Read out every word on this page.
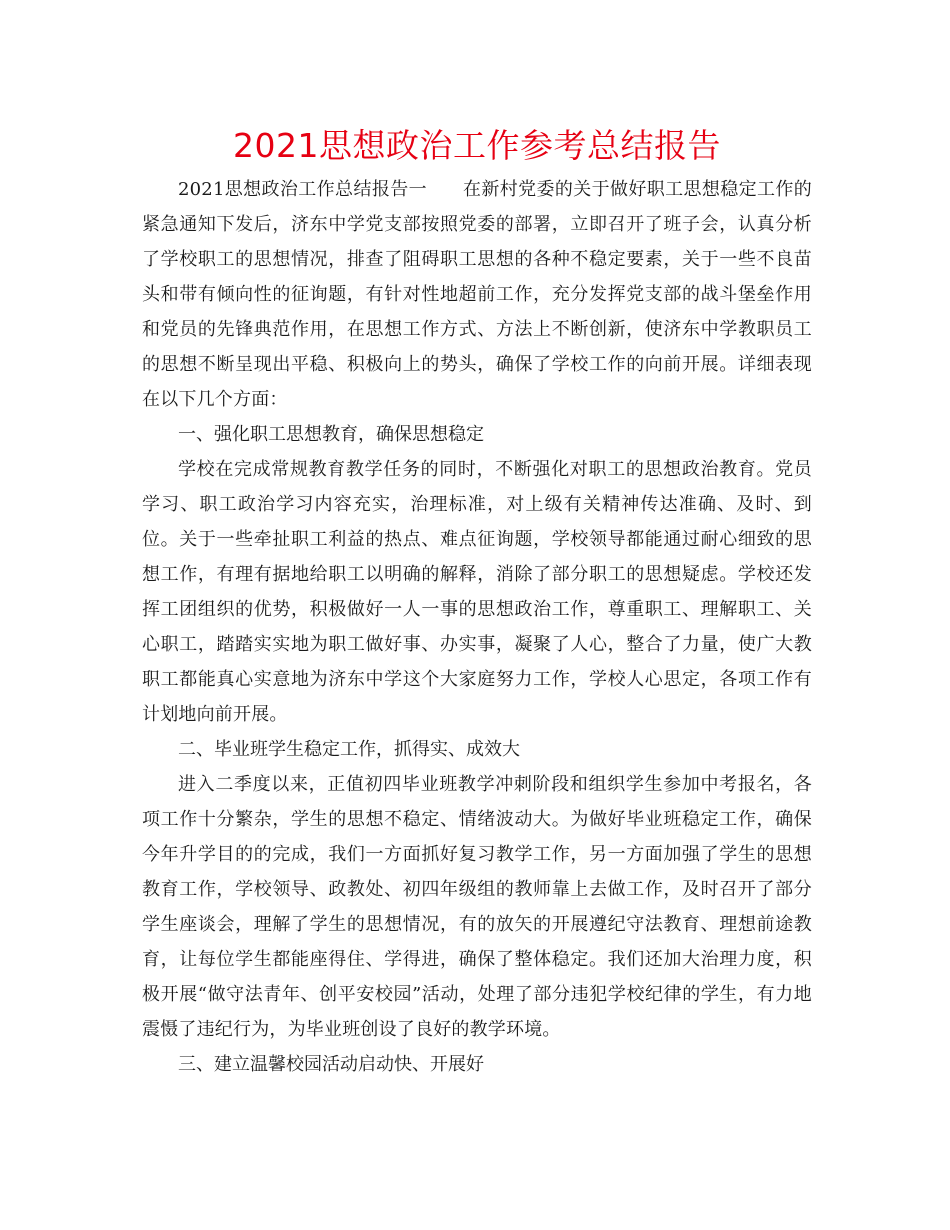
2021思想政治工作参考总结报告

2021思想政治工作总结报告一 在新村党委的关于做好职工思想稳定工作的紧急通知下发后，济东中学党支部按照党委的部署，立即召开了班子会，认真分析了学校职工的思想情况，排查了阻碍职工思想的各种不稳定要素，关于一些不良苗头和带有倾向性的征询题，有针对性地超前工作，充分发挥党支部的战斗堡垒作用和党员的先锋典范作用，在思想工作方式、方法上不断创新，使济东中学教职员工的思想不断呈现出平稳、积极向上的势头，确保了学校工作的向前开展。详细表现在以下几个方面：

一、强化职工思想教育，确保思想稳定

学校在完成常规教育教学任务的同时，不断强化对职工的思想政治教育。党员学习、职工政治学习内容充实，治理标准，对上级有关精神传达准确、及时、到位。关于一些牵扯职工利益的热点、难点征询题，学校领导都能通过耐心细致的思想工作，有理有据地给职工以明确的解释，消除了部分职工的思想疑虑。学校还发挥工团组织的优势，积极做好一人一事的思想政治工作，尊重职工、理解职工、关心职工，踏踏实实地为职工做好事、办实事，凝聚了人心，整合了力量，使广大教职工都能真心实意地为济东中学这个大家庭努力工作，学校人心思定，各项工作有计划地向前开展。

二、毕业班学生稳定工作，抓得实、成效大

进入二季度以来，正值初四毕业班教学冲刺阶段和组织学生参加中考报名，各项工作十分繁杂，学生的思想不稳定、情绪波动大。为做好毕业班稳定工作，确保今年升学目的的完成，我们一方面抓好复习教学工作，另一方面加强了学生的思想教育工作，学校领导、政教处、初四年级组的教师靠上去做工作，及时召开了部分学生座谈会，理解了学生的思想情况，有的放矢的开展遵纪守法教育、理想前途教育，让每位学生都能座得住、学得进，确保了整体稳定。我们还加大治理力度，积极开展“做守法青年、创平安校园”活动，处理了部分违犯学校纪律的学生，有力地震慑了违纪行为，为毕业班创设了良好的教学环境。

三、建立温馨校园活动启动快、开展好
